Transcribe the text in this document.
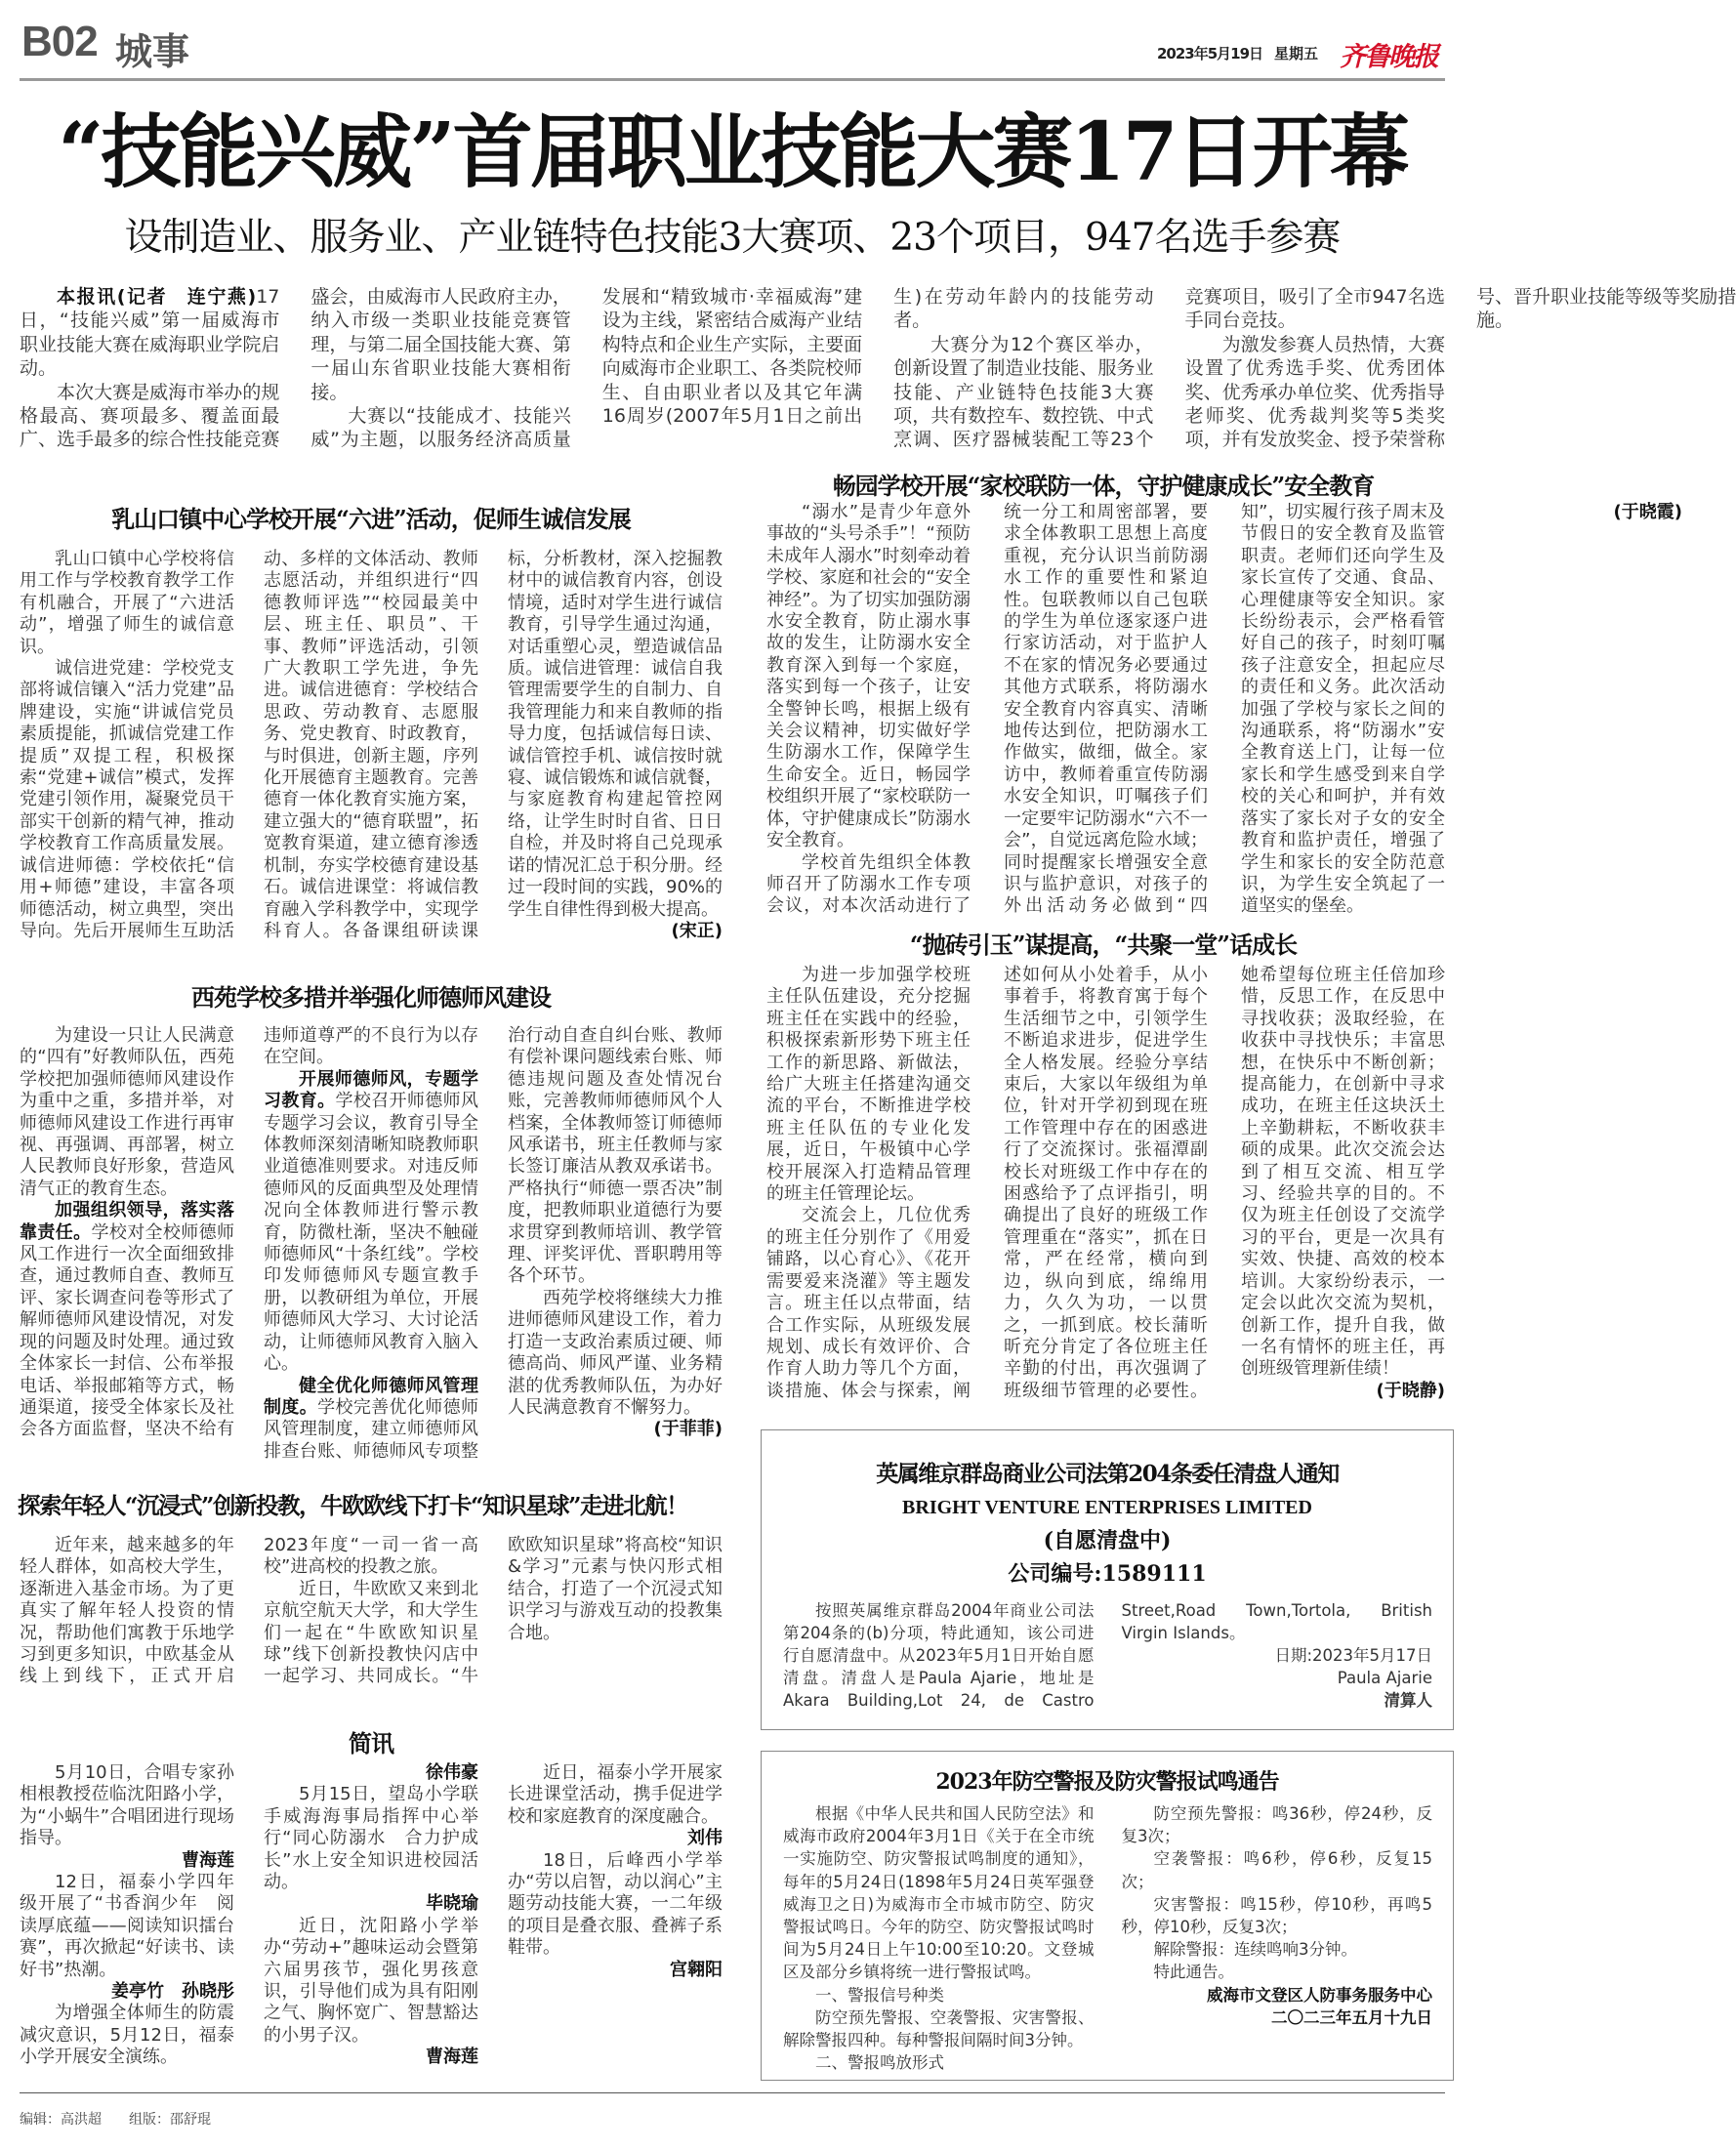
B02 城事	2023年5月19日 星期五 齐鲁晚报
“技能兴威”首届职业技能大赛17日开幕
设制造业、服务业、产业链特色技能3大赛项、23个项目，947名选手参赛

本报讯(记者　连宁燕)17日，“技能兴威”第一届威海市职业技能大赛在威海职业学院启动。

本次大赛是威海市举办的规格最高、赛项最多、覆盖面最广、选手最多的综合性技能竞赛盛会，由威海市人民政府主办，纳入市级一类职业技能竞赛管理，与第二届全国技能大赛、第一届山东省职业技能大赛相衔接。

大赛以“技能成才、技能兴威”为主题，以服务经济高质量发展和“精致城市·幸福威海”建设为主线，紧密结合威海产业结构特点和企业生产实际，主要面向威海市企业职工、各类院校师生、自由职业者以及其它年满16周岁(2007年5月1日之前出生)在劳动年龄内的技能劳动者。

大赛分为12个赛区举办，创新设置了制造业技能、服务业技能、产业链特色技能3大赛项，共有数控车、数控铣、中式烹调、医疗器械装配工等23个竞赛项目，吸引了全市947名选手同台竞技。

为激发参赛人员热情，大赛设置了优秀选手奖、优秀团体奖、优秀承办单位奖、优秀指导老师奖、优秀裁判奖等5类奖项，并有发放奖金、授予荣誉称号、晋升职业技能等级等奖励措施。

乳山口镇中心学校开展“六进”活动，促师生诚信发展

乳山口镇中心学校将信用工作与学校教育教学工作有机融合，开展了“六进活动”，增强了师生的诚信意识。

诚信进党建：学校党支部将诚信镶入“活力党建”品牌建设，实施“讲诚信党员素质提能，抓诚信党建工作提质”双提工程，积极探索“党建+诚信”模式，发挥党建引领作用，凝聚党员干部实干创新的精气神，推动学校教育工作高质量发展。诚信进师德：学校依托“信用+师德”建设，丰富各项师德活动，树立典型，突出导向。先后开展师生互助活动、多样的文体活动、教师志愿活动，并组织进行“四德教师评选”“校园最美中层、班主任、职员”、干事、教师”评选活动，引领广大教职工学先进，争先进。诚信进德育：学校结合思政、劳动教育、志愿服务、党史教育、时政教育，与时俱进，创新主题，序列化开展德育主题教育。完善德育一体化教育实施方案，建立强大的“德育联盟”，拓宽教育渠道，建立德育渗透机制，夯实学校德育建设基石。诚信进课堂：将诚信教育融入学科教学中，实现学科育人。各备课组研读课标，分析教材，深入挖掘教材中的诚信教育内容，创设情境，适时对学生进行诚信教育，引导学生通过沟通，对话重塑心灵，塑造诚信品质。诚信进管理：诚信自我管理需要学生的自制力、自我管理能力和来自教师的指导力度，包括诚信每日读、诚信管控手机、诚信按时就寝、诚信锻炼和诚信就餐，与家庭教育构建起管控网络，让学生时时自省、日日自检，并及时将自己兑现承诺的情况汇总于积分册。经过一段时间的实践，90%的学生自律性得到极大提高。

(宋正)
西苑学校多措并举强化师德师风建设

为建设一只让人民满意的“四有”好教师队伍，西苑学校把加强师德师风建设作为重中之重，多措并举，对师德师风建设工作进行再审视、再强调、再部署，树立人民教师良好形象，营造风清气正的教育生态。

加强组织领导，落实落靠责任。学校对全校师德师风工作进行一次全面细致排查，通过教师自查、教师互评、家长调查问卷等形式了解师德师风建设情况，对发现的问题及时处理。通过致全体家长一封信、公布举报电话、举报邮箱等方式，畅通渠道，接受全体家长及社会各方面监督，坚决不给有违师道尊严的不良行为以存在空间。

开展师德师风，专题学习教育。学校召开师德师风专题学习会议，教育引导全体教师深刻清晰知晓教师职业道德准则要求。对违反师德师风的反面典型及处理情况向全体教师进行警示教育，防微杜渐，坚决不触碰师德师风“十条红线”。学校印发师德师风专题宣教手册，以教研组为单位，开展师德师风大学习、大讨论活动，让师德师风教育入脑入心。

健全优化师德师风管理制度。学校完善优化师德师风管理制度，建立师德师风排查台账、师德师风专项整治行动自查自纠台账、教师有偿补课问题线索台账、师德违规问题及查处情况台账，完善教师师德师风个人档案，全体教师签订师德师风承诺书，班主任教师与家长签订廉洁从教双承诺书。严格执行“师德一票否决”制度，把教师职业道德行为要求贯穿到教师培训、教学管理、评奖评优、晋职聘用等各个环节。

西苑学校将继续大力推进师德师风建设工作，着力打造一支政治素质过硬、师德高尚、师风严谨、业务精湛的优秀教师队伍，为办好人民满意教育不懈努力。

(于菲菲)
探索年轻人“沉浸式”创新投教，牛欧欧线下打卡“知识星球”走进北航！

近年来，越来越多的年轻人群体，如高校大学生，逐渐进入基金市场。为了更真实了解年轻人投资的情况，帮助他们寓教于乐地学习到更多知识，中欧基金从线上到线下，正式开启2023年度“一司一省一高校”进高校的投教之旅。

近日，牛欧欧又来到北京航空航天大学，和大学生们一起在“牛欧欧知识星球”线下创新投教快闪店中一起学习、共同成长。“牛欧欧知识星球”将高校“知识&学习”元素与快闪形式相结合，打造了一个沉浸式知识学习与游戏互动的投教集合地。

简讯

5月10日，合唱专家孙相根教授莅临沈阳路小学，为“小蜗牛”合唱团进行现场指导。

曹海莲

12日，福泰小学四年级开展了“书香润少年　阅读厚底蕴——阅读知识擂台赛”，再次掀起“好读书、读好书”热潮。

姜亭竹　孙晓彤

为增强全体师生的防震减灾意识，5月12日，福泰小学开展安全演练。

徐伟豪

5月15日，望岛小学联手威海海事局指挥中心举行“同心防溺水　合力护成长”水上安全知识进校园活动。

毕晓瑜

近日，沈阳路小学举办“劳动+”趣味运动会暨第六届男孩节，强化男孩意识，引导他们成为具有阳刚之气、胸怀宽广、智慧豁达的小男子汉。

曹海莲

近日，福泰小学开展家长进课堂活动，携手促进学校和家庭教育的深度融合。

刘伟

18日，后峰西小学举办“劳以启智，动以润心”主题劳动技能大赛，一二年级的项目是叠衣服、叠裤子系鞋带。

宫翱阳
畅园学校开展“家校联防一体，守护健康成长”安全教育

“溺水”是青少年意外事故的“头号杀手”！“预防未成年人溺水”时刻牵动着学校、家庭和社会的“安全神经”。为了切实加强防溺水安全教育，防止溺水事故的发生，让防溺水安全教育深入到每一个家庭，落实到每一个孩子，让安全警钟长鸣，根据上级有关会议精神，切实做好学生防溺水工作，保障学生生命安全。近日，畅园学校组织开展了“家校联防一体，守护健康成长”防溺水安全教育。

学校首先组织全体教师召开了防溺水工作专项会议，对本次活动进行了统一分工和周密部署，要求全体教职工思想上高度重视，充分认识当前防溺水工作的重要性和紧迫性。包联教师以自己包联的学生为单位逐家逐户进行家访活动，对于监护人不在家的情况务必要通过其他方式联系，将防溺水安全教育内容真实、清晰地传达到位，把防溺水工作做实，做细，做全。家访中，教师着重宣传防溺水安全知识，叮嘱孩子们一定要牢记防溺水“六不一会”，自觉远离危险水域；同时提醒家长增强安全意识与监护意识，对孩子的外出活动务必做到“四知”，切实履行孩子周末及节假日的安全教育及监管职责。老师们还向学生及家长宣传了交通、食品、心理健康等安全知识。家长纷纷表示，会严格看管好自己的孩子，时刻叮嘱孩子注意安全，担起应尽的责任和义务。此次活动加强了学校与家长之间的沟通联系，将“防溺水”安全教育送上门，让每一位家长和学生感受到来自学校的关心和呵护，并有效落实了家长对子女的安全教育和监护责任，增强了学生和家长的安全防范意识，为学生安全筑起了一道坚实的堡垒。

(于晓霞)
“抛砖引玉”谋提高，“共聚一堂”话成长

为进一步加强学校班主任队伍建设，充分挖掘班主任在实践中的经验，积极探索新形势下班主任工作的新思路、新做法，给广大班主任搭建沟通交流的平台，不断推进学校班主任队伍的专业化发展，近日，午极镇中心学校开展深入打造精品管理的班主任管理论坛。

交流会上，几位优秀的班主任分别作了《用爱铺路，以心育心》、《花开需要爱来浇灌》等主题发言。班主任以点带面，结合工作实际，从班级发展规划、成长有效评价、合作育人助力等几个方面，谈措施、体会与探索，阐述如何从小处着手，从小事着手，将教育寓于每个生活细节之中，引领学生不断追求进步，促进学生全人格发展。经验分享结束后，大家以年级组为单位，针对开学初到现在班工作管理中存在的困惑进行了交流探讨。张福潭副校长对班级工作中存在的困惑给予了点评指引，明确提出了良好的班级工作管理重在“落实”，抓在日常，严在经常，横向到边，纵向到底，绵绵用力，久久为功，一以贯之，一抓到底。校长蒲昕昕充分肯定了各位班主任辛勤的付出，再次强调了班级细节管理的必要性。她希望每位班主任倍加珍惜，反思工作，在反思中寻找收获；汲取经验，在收获中寻找快乐；丰富思想，在快乐中不断创新；提高能力，在创新中寻求成功，在班主任这块沃土上辛勤耕耘，不断收获丰硕的成果。此次交流会达到了相互交流、相互学习、经验共享的目的。不仅为班主任创设了交流学习的平台，更是一次具有实效、快捷、高效的校本培训。大家纷纷表示，一定会以此次交流为契机，创新工作，提升自我，做一名有情怀的班主任，再创班级管理新佳绩！

(于晓静)
英属维京群岛商业公司法第204条委任清盘人通知
BRIGHT VENTURE ENTERPRISES LIMITED
(自愿清盘中)
公司编号:1589111

按照英属维京群岛2004年商业公司法第204条的(b)分项，特此通知，该公司进行自愿清盘中。从2023年5月1日开始自愿清盘。清盘人是Paula Ajarie，地址是Akara Building,Lot 24, de Castro Street,Road Town,Tortola, British Virgin Islands。

日期:2023年5月17日
Paula Ajarie
清算人
2023年防空警报及防灾警报试鸣通告

根据《中华人民共和国人民防空法》和威海市政府2004年3月1日《关于在全市统一实施防空、防灾警报试鸣制度的通知》，每年的5月24日(1898年5月24日英军强登威海卫之日)为威海市全市城市防空、防灾警报试鸣日。今年的防空、防灾警报试鸣时间为5月24日上午10:00至10:20。文登城区及部分乡镇将统一进行警报试鸣。

一、警报信号种类

防空预先警报、空袭警报、灾害警报、解除警报四种。每种警报间隔时间3分钟。

二、警报鸣放形式

防空预先警报：鸣36秒，停24秒，反复3次；

空袭警报：鸣6秒，停6秒，反复15次；

灾害警报：鸣15秒，停10秒，再鸣5秒，停10秒，反复3次；

解除警报：连续鸣响3分钟。

特此通告。

威海市文登区人防事务服务中心
二〇二三年五月十九日
编辑：高洪超   组版：邵舒琨
